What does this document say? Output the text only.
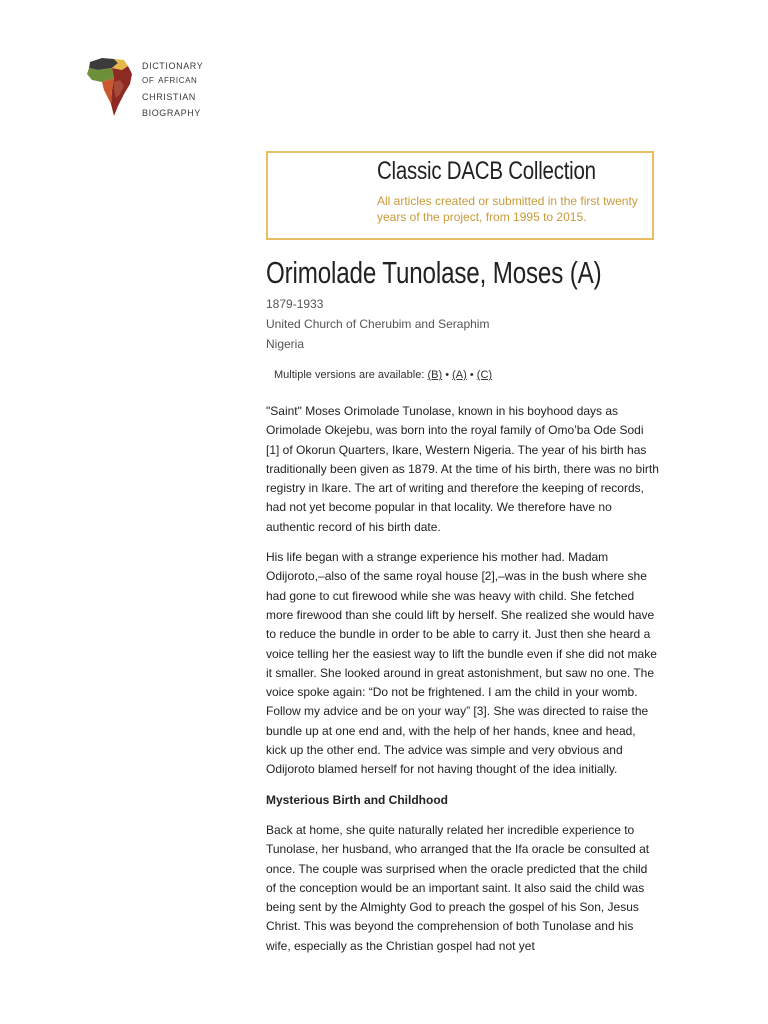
dictionary
of african
christian
biography
Classic DACB Collection
All articles created or submitted in the first twenty years of the project, from 1995 to 2015.
Orimolade Tunolase, Moses (A)
1879-1933
United Church of Cherubim and Seraphim
Nigeria
Multiple versions are available: (B) • (A) • (C)

"Saint" Moses Orimolade Tunolase, known in his boyhood days as Orimolade Okejebu, was born into the royal family of Omo’ba Ode Sodi [1] of Okorun Quarters, Ikare, Western Nigeria. The year of his birth has traditionally been given as 1879. At the time of his birth, there was no birth registry in Ikare. The art of writing and therefore the keeping of records, had not yet become popular in that locality. We therefore have no authentic record of his birth date.

His life began with a strange experience his mother had. Madam Odijoroto,–also of the same royal house [2],–was in the bush where she had gone to cut firewood while she was heavy with child. She fetched more firewood than she could lift by herself. She realized she would have to reduce the bundle in order to be able to carry it. Just then she heard a voice telling her the easiest way to lift the bundle even if she did not make it smaller. She looked around in great astonishment, but saw no one. The voice spoke again: “Do not be frightened. I am the child in your womb. Follow my advice and be on your way” [3]. She was directed to raise the bundle up at one end and, with the help of her hands, knee and head, kick up the other end. The advice was simple and very obvious and Odijoroto blamed herself for not having thought of the idea initially.

Mysterious Birth and Childhood

Back at home, she quite naturally related her incredible experience to Tunolase, her husband, who arranged that the Ifa oracle be consulted at once. The couple was surprised when the oracle predicted that the child of the conception would be an important saint. It also said the child was being sent by the Almighty God to preach the gospel of his Son, Jesus Christ. This was beyond the comprehension of both Tunolase and his wife, especially as the Christian gospel had not yet
